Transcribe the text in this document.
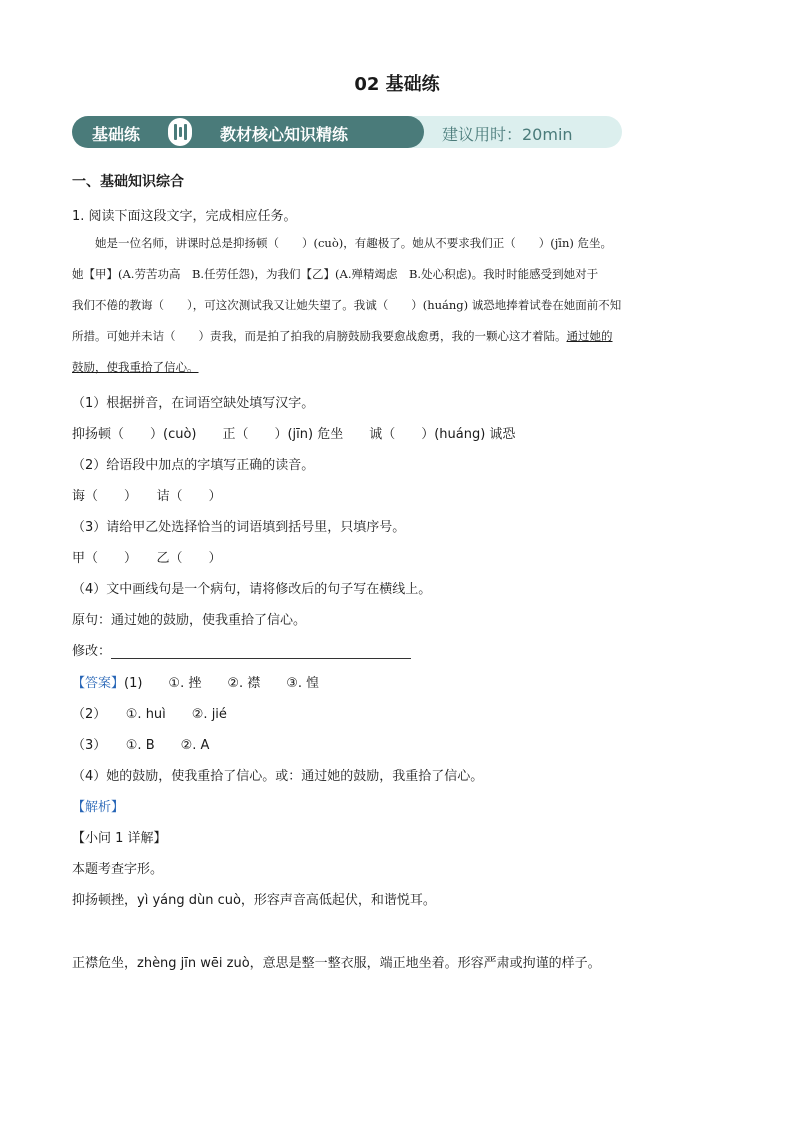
02 基础练
基础练	教材核心知识精练	建议用时：20min
一、基础知识综合
1. 阅读下面这段文字，完成相应任务。
　　她是一位名师，讲课时总是抑扬顿（　　）(cuò)，有趣极了。她从不要求我们正（　　）(jīn) 危坐。
她【甲】(A.劳苦功高　B.任劳任怨)，为我们【乙】(A.殚精竭虑　B.处心积虑)。我时时能感受到她对于
我们不倦的教诲（　　），可这次测试我又让她失望了。我诚（　　）(huáng) 诚恐地捧着试卷在她面前不知
所措。可她并未诘（　　）责我，而是拍了拍我的肩膀鼓励我要愈战愈勇，我的一颗心这才着陆。通过她的
鼓励，使我重拾了信心。
（1）根据拼音，在词语空缺处填写汉字。
抑扬顿（　　）(cuò)　　正（　　）(jīn) 危坐　　诚（　　）(huáng) 诚恐
（2）给语段中加点的字填写正确的读音。
诲（　　）　　诘（　　）
（3）请给甲乙处选择恰当的词语填到括号里，只填序号。
甲（　　）　　乙（　　）
（4）文中画线句是一个病句，请将修改后的句子写在横线上。
原句：通过她的鼓励，使我重拾了信心。
修改：
【答案】(1)　　①. 挫　　②. 襟　　③. 惶
（2）　　①. huì　　②. jié
（3）　　①. B　　②. A
（4）她的鼓励，使我重拾了信心。或：通过她的鼓励，我重拾了信心。
【解析】
【小问 1 详解】
本题考查字形。
抑扬顿挫，yì yáng dùn cuò，形容声音高低起伏，和谐悦耳。
正襟危坐，zhèng jīn wēi zuò，意思是整一整衣服，端正地坐着。形容严肃或拘谨的样子。
